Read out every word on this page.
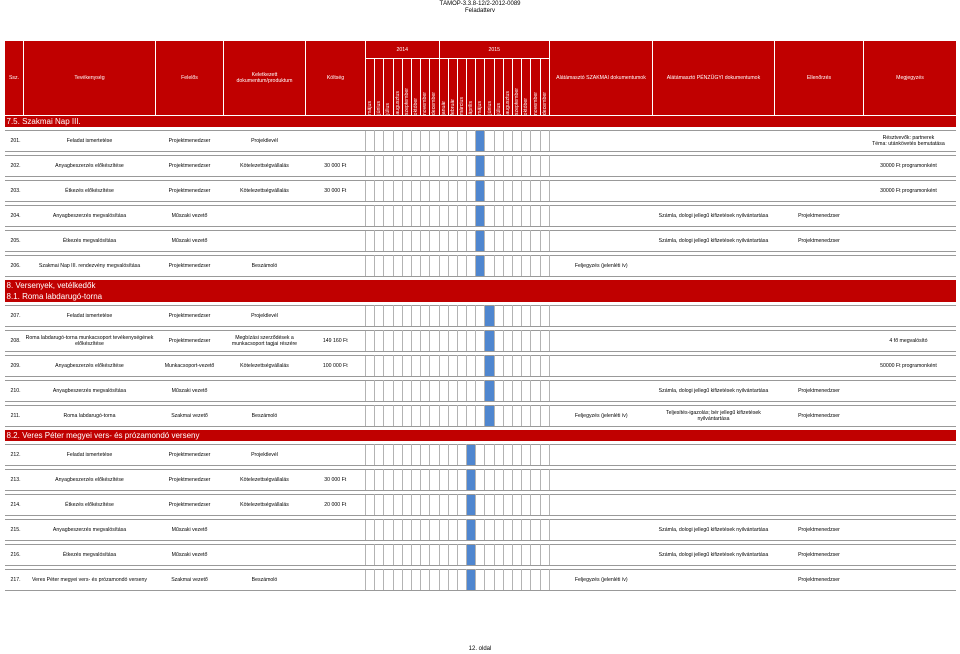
TÁMOP-3.3.8-12/2-2012-0089
Feladatterv
Ssz.	Tevékenység	Felelős	Keletkezett dokumentum/produktum	Költség	2014								2015												Alátámasztó SZAKMAI dokumentumok	Alátámasztó PÉNZÜGYI dokumentumok	Ellenőrzés	Megjegyzés

					május	június	július	augusztus	szeptember	október	november	december	január	február	március	április	május	június	július	augusztus	szeptember	október	november	december				

7.5. Szakmai Nap III.																												

201.	Feladat ismertetése	Projektmenedzser	Projektlevél																									Résztvevők: partnerek
Téma: utánkövetés bemutatása

202.	Anyagbeszerzés előkészítése	Projektmenedzser	Kötelezettségvállalás	30 000 Ft																								30000 Ft programonként

203.	Étkezés előkészítése	Projektmenedzser	Kötelezettségvállalás	30 000 Ft																								30000 Ft programonként

204.	Anyagbeszerzés megvalósítása	Műszaki vezető																								Számla, dologi jellegű kifizetések nyilvántartása	Projektmenedzser	

205.	Étkezés megvalósítása	Műszaki vezető																								Számla, dologi jellegű kifizetések nyilvántartása	Projektmenedzser	

206.	Szakmai Nap III. rendezvény megvalósítása	Projektmenedzser	Beszámoló																						Feljegyzés (jelenléti ív)			

8. Versenyek, vetélkedők																												
8.1. Roma labdarugó-torna																												

207.	Feladat ismertetése	Projektmenedzser	Projektlevél																									

208.	Roma labdarugó-torna munkacsoport tevékenységének előkészítése	Projektmenedzser	Megbízási szerződések a munkacsoport tagjai részére	149 160 Ft																								4 fő megvalósító

209.	Anyagbeszerzés előkészítése	Munkacsoport-vezető	Kötelezettségvállalás	100 000 Ft																								50000 Ft programonként

210.	Anyagbeszerzés megvalósítása	Műszaki vezető																								Számla, dologi jellegű kifizetések nyilvántartása	Projektmenedzser	

211.	Roma labdarugó-torna	Szakmai vezető	Beszámoló																						Feljegyzés (jelenléti ív)	Teljesítés-igazolás; bér jellegű kifizetések nyilvántartása	Projektmenedzser	

8.2. Veres Péter megyei vers- és prózamondó verseny																												

212.	Feladat ismertetése	Projektmenedzser	Projektlevél																									

213.	Anyagbeszerzés előkészítése	Projektmenedzser	Kötelezettségvállalás	30 000 Ft																								

214.	Étkezés előkészítése	Projektmenedzser	Kötelezettségvállalás	20 000 Ft																								

215.	Anyagbeszerzés megvalósítása	Műszaki vezető																								Számla, dologi jellegű kifizetések nyilvántartása	Projektmenedzser	

216.	Étkezés megvalósítása	Műszaki vezető																								Számla, dologi jellegű kifizetések nyilvántartása	Projektmenedzser	

217.	Veres Péter megyei vers- és prózamondó verseny	Szakmai vezető	Beszámoló																						Feljegyzés (jelenléti ív)		Projektmenedzser	
12. oldal
